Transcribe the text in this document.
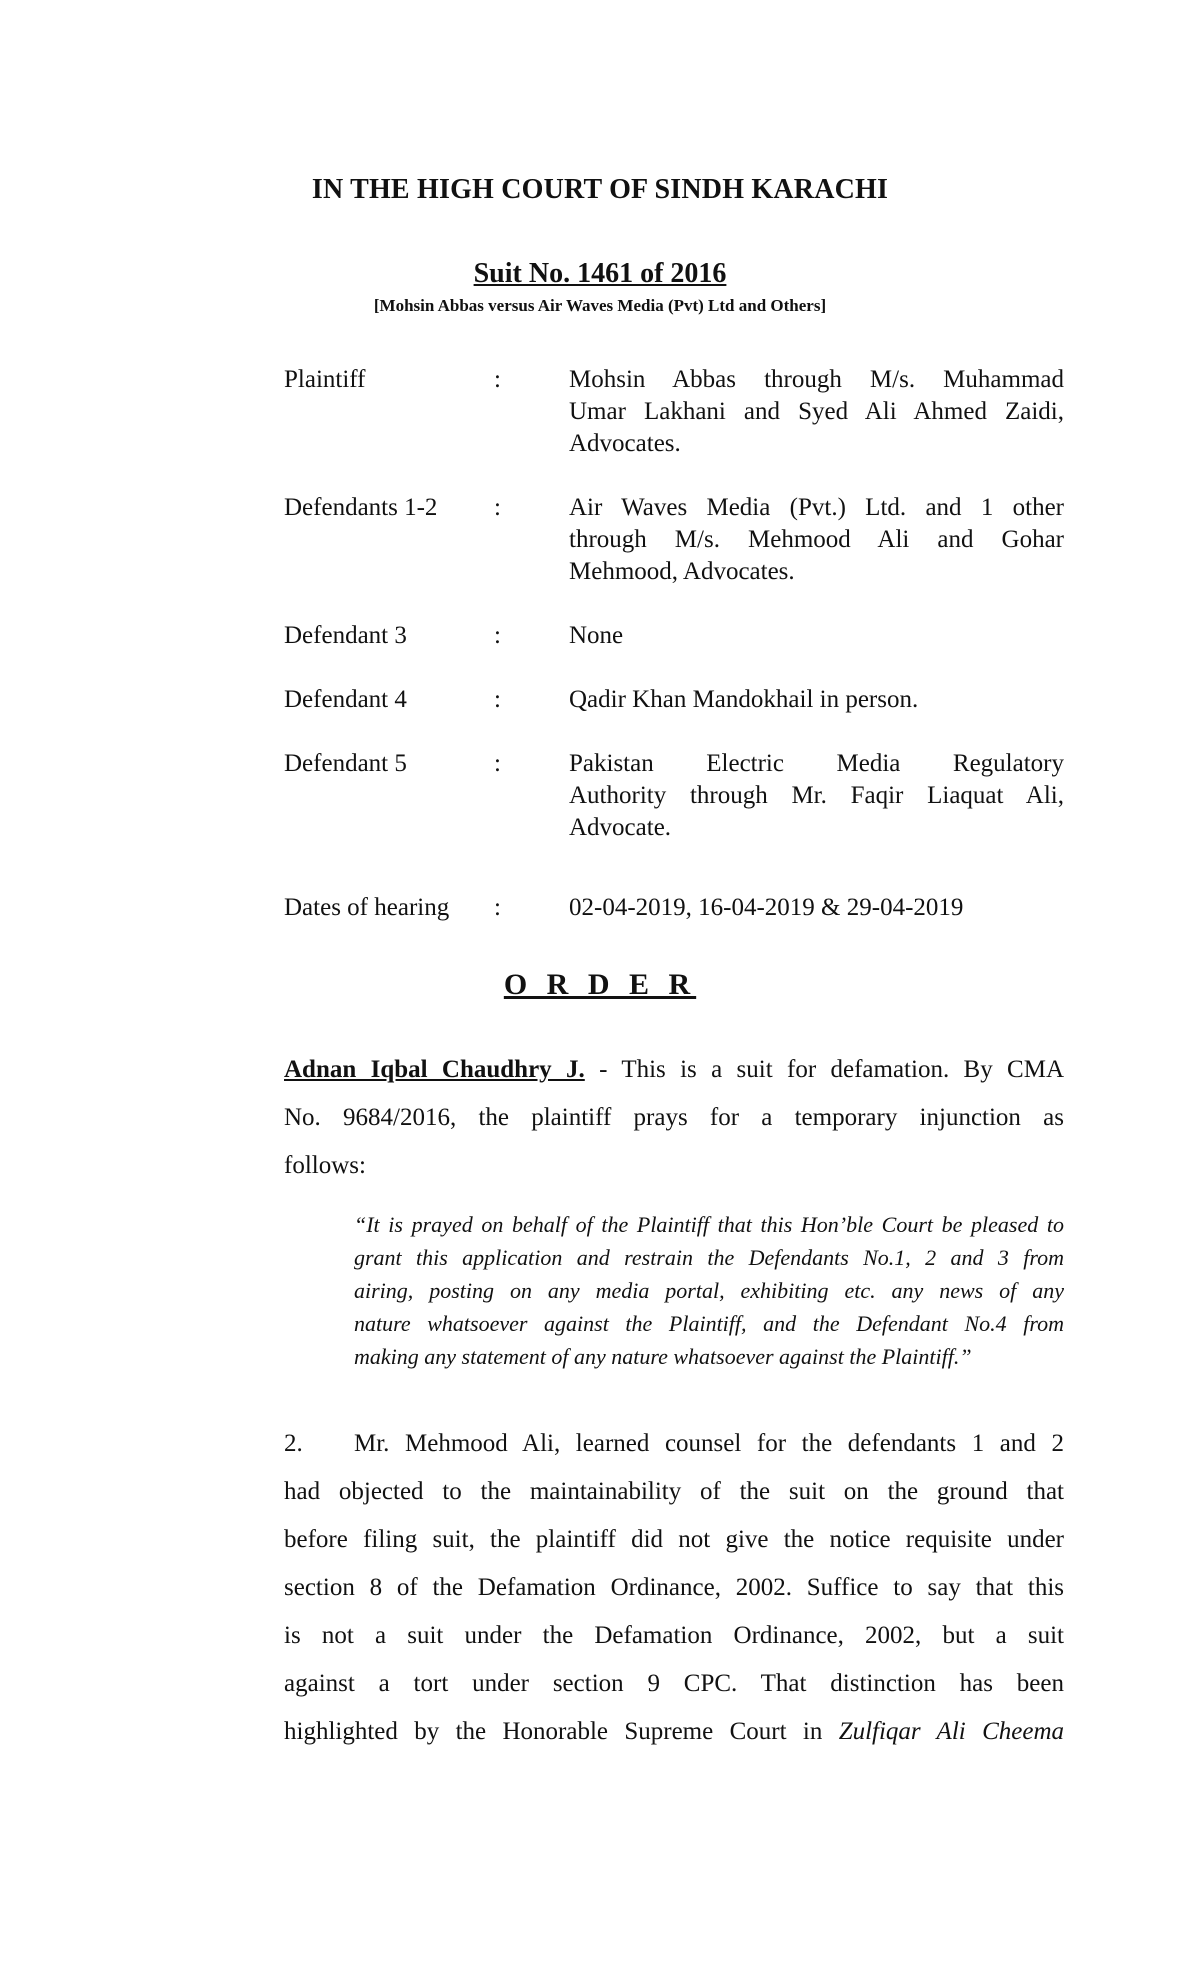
IN THE HIGH COURT OF SINDH KARACHI
Suit No. 1461 of 2016
[Mohsin Abbas versus Air Waves Media (Pvt) Ltd and Others]
Plaintiff	:	Mohsin Abbas through M/s. Muhammad
Umar Lakhani and Syed Ali Ahmed Zaidi,
Advocates.
Defendants 1-2	:	Air Waves Media (Pvt.) Ltd. and 1 other
through M/s. Mehmood Ali and Gohar
Mehmood, Advocates.
Defendant 3	:	None
Defendant 4	:	Qadir Khan Mandokhail in person.
Defendant 5	:	Pakistan Electric Media Regulatory
Authority through Mr. Faqir Liaquat Ali,
Advocate.
Dates of hearing	:	02-04-2019, 16-04-2019 & 29-04-2019
O R D E R
Adnan Iqbal Chaudhry J. - This is a suit for defamation. By CMA
No. 9684/2016, the plaintiff prays for a temporary injunction as
follows:
“It is prayed on behalf of the Plaintiff that this Hon’ble Court be pleased to
grant this application and restrain the Defendants No.1, 2 and 3 from
airing, posting on any media portal, exhibiting etc. any news of any
nature whatsoever against the Plaintiff, and the Defendant No.4 from
making any statement of any nature whatsoever against the Plaintiff.”
2. Mr. Mehmood Ali, learned counsel for the defendants 1 and 2
had objected to the maintainability of the suit on the ground that
before filing suit, the plaintiff did not give the notice requisite under
section 8 of the Defamation Ordinance, 2002. Suffice to say that this
is not a suit under the Defamation Ordinance, 2002, but a suit
against a tort under section 9 CPC. That distinction has been
highlighted by the Honorable Supreme Court in Zulfiqar Ali Cheema
